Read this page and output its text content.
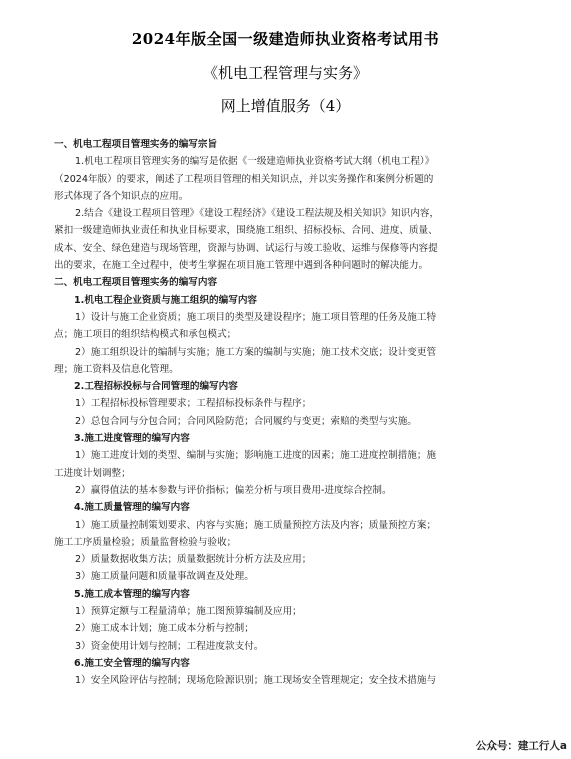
2024年版全国一级建造师执业资格考试用书
《机电工程管理与实务》
网上增值服务（4）
一、机电工程项目管理实务的编写宗旨
1.机电工程项目管理实务的编写是依据《一级建造师执业资格考试大纲（机电工程）》
（2024年版）的要求，阐述了工程项目管理的相关知识点，并以实务操作和案例分析题的
形式体现了各个知识点的应用。
2.结合《建设工程项目管理》《建设工程经济》《建设工程法规及相关知识》知识内容，
紧扣一级建造师执业责任和执业目标要求，围绕施工组织、招标投标、合同、进度、质量、
成本、安全、绿色建造与现场管理，资源与协调、试运行与竣工验收、运维与保修等内容提
出的要求，在施工全过程中，使考生掌握在项目施工管理中遇到各种问题时的解决能力。
二、机电工程项目管理实务的编写内容
1.机电工程企业资质与施工组织的编写内容
1）设计与施工企业资质；施工项目的类型及建设程序；施工项目管理的任务及施工特
点；施工项目的组织结构模式和承包模式；
2）施工组织设计的编制与实施；施工方案的编制与实施；施工技术交底；设计变更管
理；施工资料及信息化管理。
2.工程招标投标与合同管理的编写内容
1）工程招标投标管理要求；工程招标投标条件与程序；
2）总包合同与分包合同；合同风险防范；合同履约与变更；索赔的类型与实施。
3.施工进度管理的编写内容
1）施工进度计划的类型、编制与实施；影响施工进度的因素；施工进度控制措施；施
工进度计划调整；
2）赢得值法的基本参数与评价指标；偏差分析与项目费用-进度综合控制。
4.施工质量管理的编写内容
1）施工质量控制策划要求、内容与实施；施工质量预控方法及内容；质量预控方案；
施工工序质量检验；质量监督检验与验收；
2）质量数据收集方法；质量数据统计分析方法及应用；
3）施工质量问题和质量事故调查及处理。
5.施工成本管理的编写内容
1）预算定额与工程量清单；施工图预算编制及应用；
2）施工成本计划；施工成本分析与控制；
3）资金使用计划与控制；工程进度款支付。
6.施工安全管理的编写内容
1）安全风险评估与控制；现场危险源识别；施工现场安全管理规定；安全技术措施与
公众号：建工行人a
